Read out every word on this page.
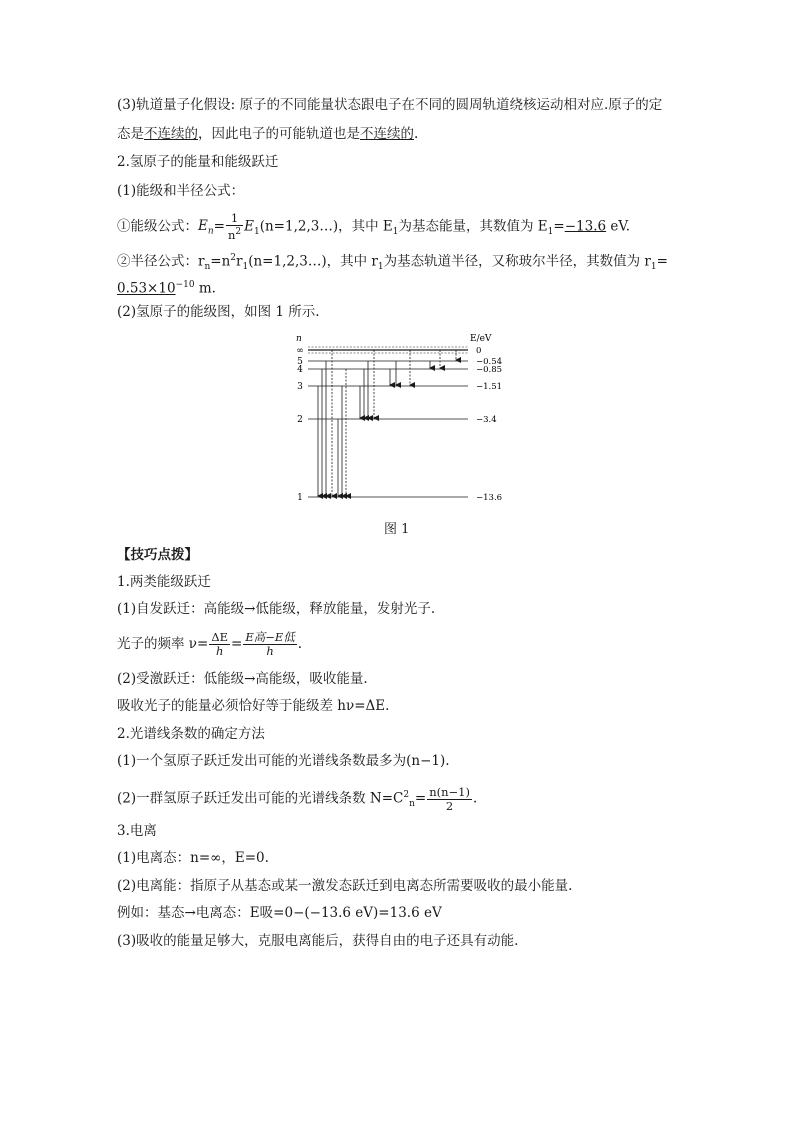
(3)轨道量子化假设: 原子的不同能量状态跟电子在不同的圆周轨道绕核运动相对应.原子的定
态是不连续的，因此电子的可能轨道也是不连续的.
2.氢原子的能量和能级跃迁
(1)能级和半径公式：
①能级公式：$E_n= \frac{1}{n^2}$ $E_1(n=1,2,3\dots)$，其中 $E_1$为基态能量，其数值为 $E_1=-13.6$ eV.
②半径公式：$r_n=n^2r_1(n=1,2,3\dots)$，其中 $r_1$为基态轨道半径，又称玻尔半径，其数值为 $r_1=$
$0.53\times 10^{-10}$ m.
(2)氢原子的能级图，如图 1 所示.
n	E/eV
∞	0
5	−0.54
4	−0.85
3	−1.51
2	−3.4
1	−13.6
图 1
【技巧点拨】
1.两类能级跃迁
(1)自发跃迁：高能级→低能级，释放能量，发射光子.
光子的频率 $\nu= \frac{\Delta E}{h} = \frac{\text{E高−E低}}{h}$ .
(2)受激跃迁：低能级→高能级，吸收能量.
吸收光子的能量必须恰好等于能级差 hν=ΔE.
2.光谱线条数的确定方法
(1)一个氢原子跃迁发出可能的光谱线条数最多为(n−1).
(2)一群氢原子跃迁发出可能的光谱线条数 $N=C^2_n= \frac{n(n-1)}{2}$ .
3.电离
(1)电离态：n=∞，E=0.
(2)电离能：指原子从基态或某一激发态跃迁到电离态所需要吸收的最小能量.
例如：基态→电离态：E吸=0−(−13.6 eV)=13.6 eV
(3)吸收的能量足够大，克服电离能后，获得自由的电子还具有动能.
